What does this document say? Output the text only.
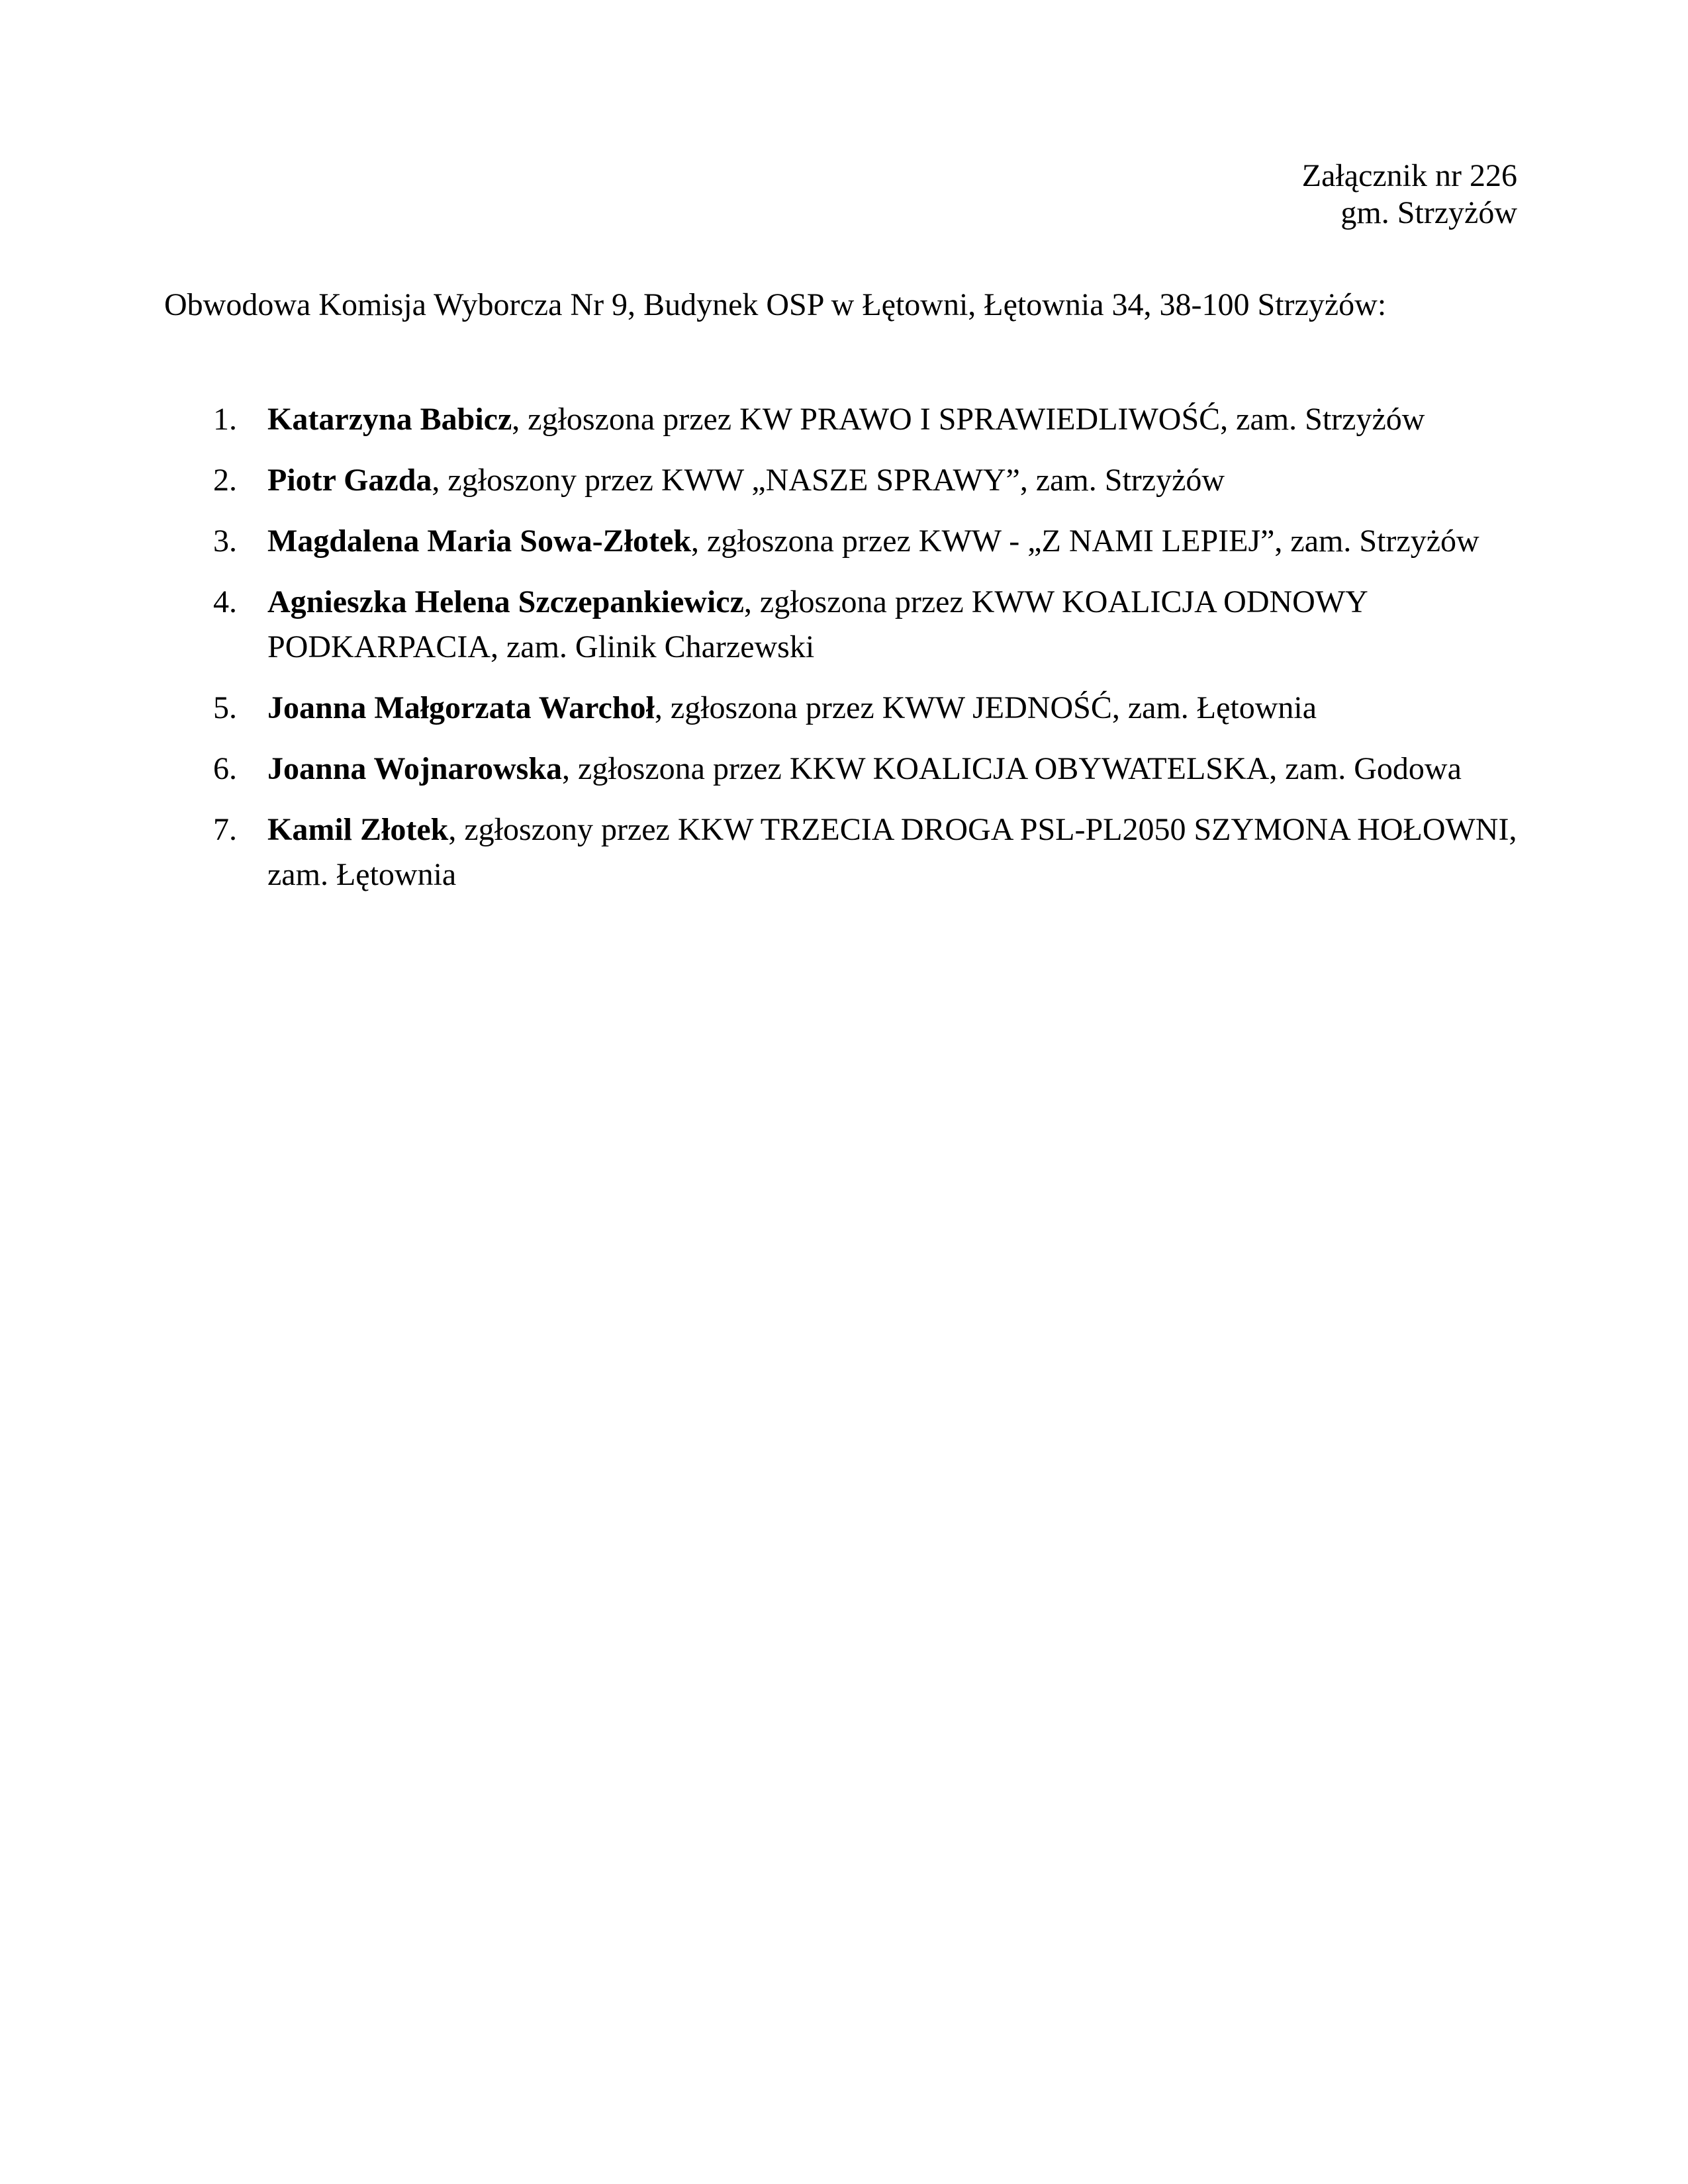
Załącznik nr 226
gm. Strzyżów
Obwodowa Komisja Wyborcza Nr 9, Budynek OSP w Łętowni, Łętownia 34, 38-100 Strzyżów:
1. Katarzyna Babicz, zgłoszona przez KW PRAWO I SPRAWIEDLIWOŚĆ, zam. Strzyżów
2. Piotr Gazda, zgłoszony przez KWW „NASZE SPRAWY”, zam. Strzyżów
3. Magdalena Maria Sowa-Złotek, zgłoszona przez KWW - „Z NAMI LEPIEJ”, zam. Strzyżów
4. Agnieszka Helena Szczepankiewicz, zgłoszona przez KWW KOALICJA ODNOWY PODKARPACIA, zam. Glinik Charzewski
5. Joanna Małgorzata Warchoł, zgłoszona przez KWW JEDNOŚĆ, zam. Łętownia
6. Joanna Wojnarowska, zgłoszona przez KKW KOALICJA OBYWATELSKA, zam. Godowa
7. Kamil Złotek, zgłoszony przez KKW TRZECIA DROGA PSL-PL2050 SZYMONA HOŁOWNI, zam. Łętownia
